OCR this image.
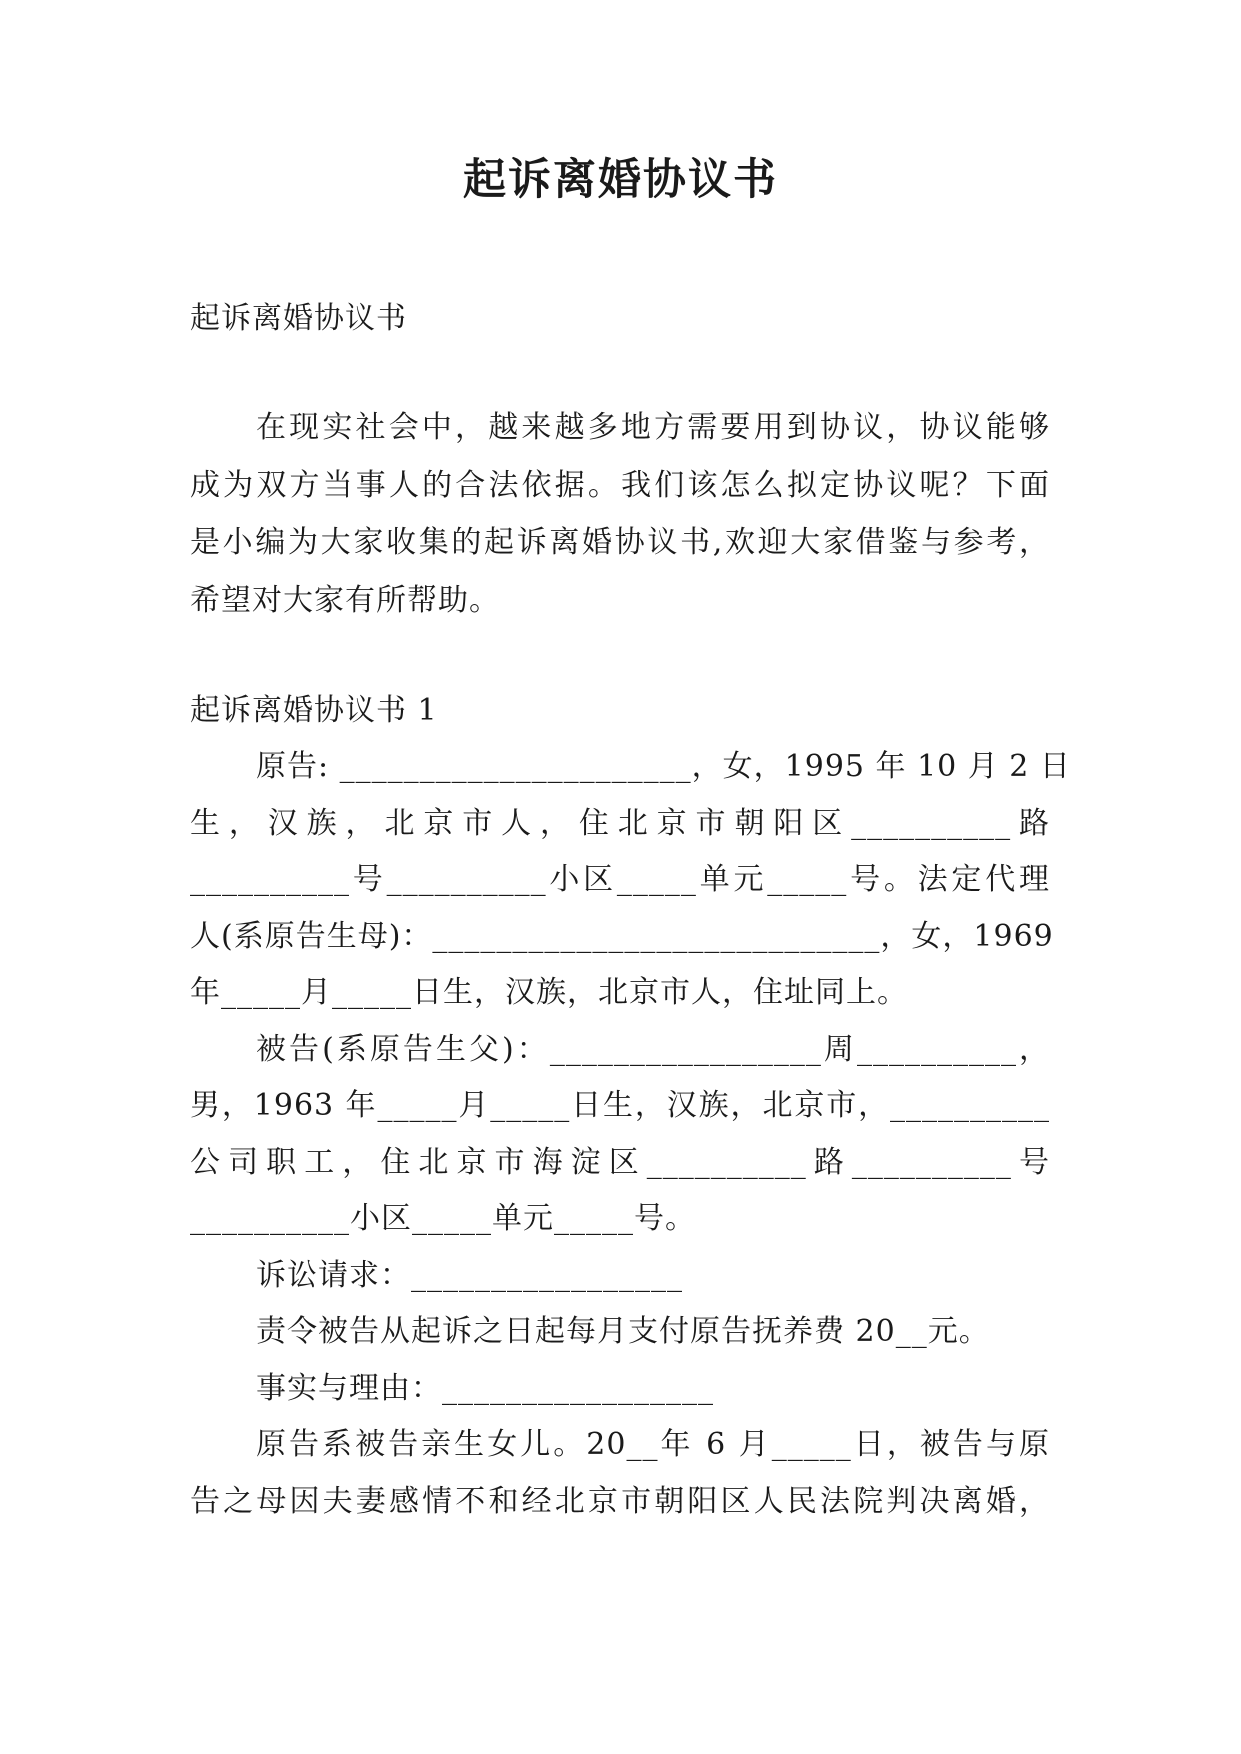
起诉离婚协议书
起诉离婚协议书
在现实社会中，越来越多地方需要用到协议，协议能够
成为双方当事人的合法依据。我们该怎么拟定协议呢？下面
是小编为大家收集的起诉离婚协议书,欢迎大家借鉴与参考，
希望对大家有所帮助。
起诉离婚协议书 1
原告: ______________________，女，1995 年 10 月 2 日
生，汉族，北京市人，住北京市朝阳区__________路
__________号__________小区_____单元_____号。法定代理
人(系原告生母)：____________________________，女，1969
年_____月_____日生，汉族，北京市人，住址同上。
被告(系原告生父)：_________________周__________，
男，1963 年_____月_____日生，汉族，北京市，__________
公司职工，住北京市海淀区__________路__________号
__________小区_____单元_____号。
诉讼请求：_________________
责令被告从起诉之日起每月支付原告抚养费 20__元。
事实与理由：_________________
原告系被告亲生女儿。20__年 6 月_____日，被告与原
告之母因夫妻感情不和经北京市朝阳区人民法院判决离婚，
